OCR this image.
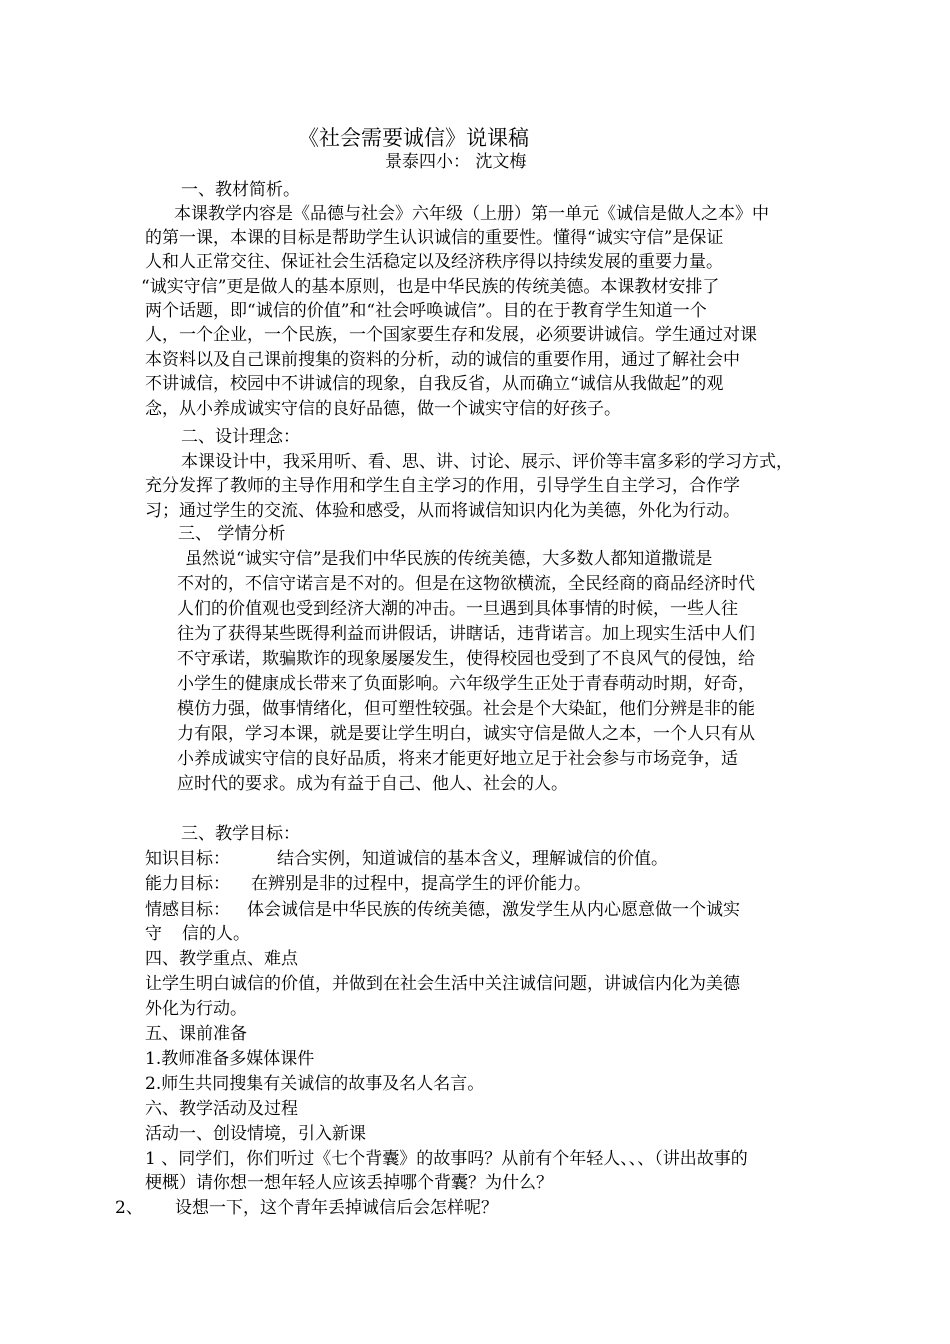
《社会需要诚信》说课稿
景泰四小： 沈文梅
一、教材简析。
本课教学内容是《品德与社会》六年级（上册）第一单元《诚信是做人之本》中
的第一课，本课的目标是帮助学生认识诚信的重要性。懂得“诚实守信”是保证
人和人正常交往、保证社会生活稳定以及经济秩序得以持续发展的重要力量。
“诚实守信”更是做人的基本原则，也是中华民族的传统美德。本课教材安排了
两个话题，即“诚信的价值”和“社会呼唤诚信”。目的在于教育学生知道一个
人，一个企业，一个民族，一个国家要生存和发展，必须要讲诚信。学生通过对课
本资料以及自己课前搜集的资料的分析，动的诚信的重要作用，通过了解社会中
不讲诚信，校园中不讲诚信的现象，自我反省，从而确立“诚信从我做起”的观
念，从小养成诚实守信的良好品德，做一个诚实守信的好孩子。
二、设计理念：
本课设计中，我采用听、看、思、讲、讨论、展示、评价等丰富多彩的学习方式，
充分发挥了教师的主导作用和学生自主学习的作用，引导学生自主学习，合作学
习；通过学生的交流、体验和感受，从而将诚信知识内化为美德，外化为行动。
三、 学情分析
虽然说“诚实守信”是我们中华民族的传统美德，大多数人都知道撒谎是
不对的，不信守诺言是不对的。但是在这物欲横流，全民经商的商品经济时代
人们的价值观也受到经济大潮的冲击。一旦遇到具体事情的时候，一些人往
往为了获得某些既得利益而讲假话，讲瞎话，违背诺言。加上现实生活中人们
不守承诺，欺骗欺诈的现象屡屡发生，使得校园也受到了不良风气的侵蚀，给
小学生的健康成长带来了负面影响。六年级学生正处于青春萌动时期，好奇，
模仿力强，做事情绪化，但可塑性较强。社会是个大染缸，他们分辨是非的能
力有限，学习本课，就是要让学生明白，诚实守信是做人之本，一个人只有从
小养成诚实守信的良好品质，将来才能更好地立足于社会参与市场竞争，适
应时代的要求。成为有益于自己、他人、社会的人。
三、教学目标：
知识目标：	结合实例，知道诚信的基本含义，理解诚信的价值。
能力目标： 在辨别是非的过程中，提高学生的评价能力。
情感目标： 体会诚信是中华民族的传统美德，激发学生从内心愿意做一个诚实
守 信的人。
四、教学重点、难点
让学生明白诚信的价值，并做到在社会生活中关注诚信问题，讲诚信内化为美德
外化为行动。
五、课前准备
1.教师准备多媒体课件
2.师生共同搜集有关诚信的故事及名人名言。
六、教学活动及过程
活动一、创设情境，引入新课
1 、同学们，你们听过《七个背囊》的故事吗？从前有个年轻人、、、（讲出故事的
梗概）请你想一想年轻人应该丢掉哪个背囊？为什么？
2、 设想一下，这个青年丢掉诚信后会怎样呢？
